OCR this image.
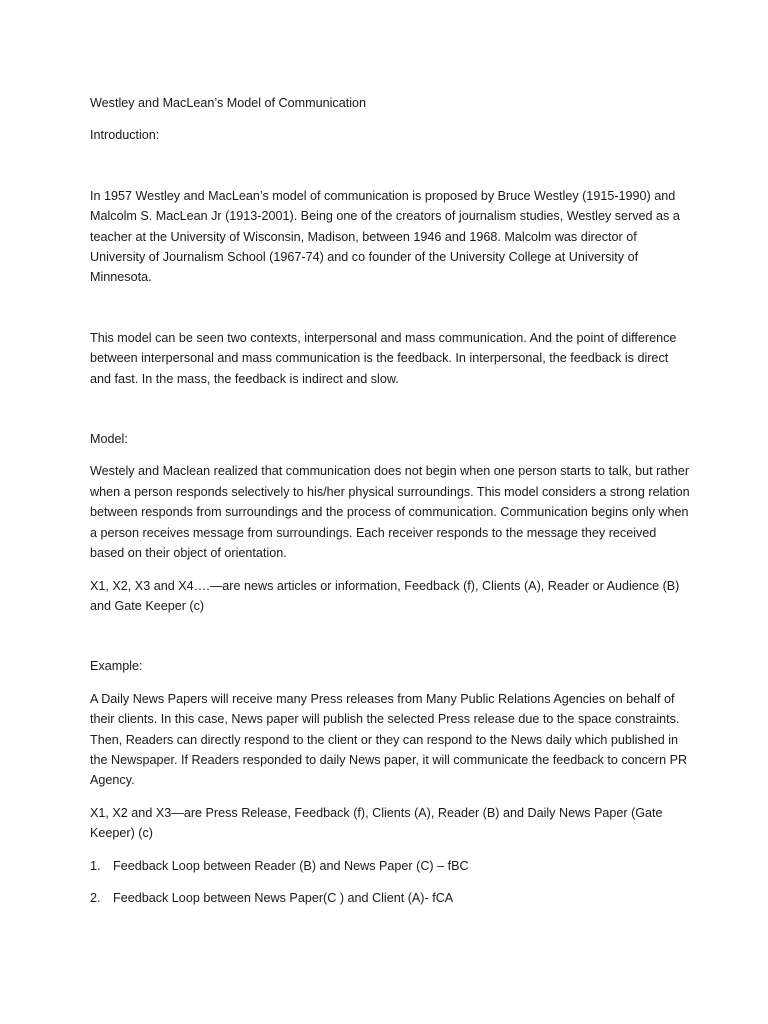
Westley and MacLean’s Model of Communication

Introduction:

In 1957 Westley and MacLean’s model of communication is proposed by Bruce Westley (1915-1990) and Malcolm S. MacLean Jr (1913-2001). Being one of the creators of journalism studies, Westley served as a teacher at the University of Wisconsin, Madison, between 1946 and 1968. Malcolm was director of University of Journalism School (1967-74) and co founder of the University College at University of Minnesota.

This model can be seen two contexts, interpersonal and mass communication. And the point of difference between interpersonal and mass communication is the feedback. In interpersonal, the feedback is direct and fast. In the mass, the feedback is indirect and slow.

Model:

Westely and Maclean realized that communication does not begin when one person starts to talk, but rather when a person responds selectively to his/her physical surroundings. This model considers a strong relation between responds from surroundings and the process of communication. Communication begins only when a person receives message from surroundings. Each receiver responds to the message they received based on their object of orientation.

X1, X2, X3 and X4….—are news articles or information, Feedback (f), Clients (A), Reader or Audience (B) and Gate Keeper (c)

Example:

A Daily News Papers will receive many Press releases from Many Public Relations Agencies on behalf of their clients. In this case, News paper will publish the selected Press release due to the space constraints. Then, Readers can directly respond to the client or they can respond to the News daily which published in the Newspaper. If Readers responded to daily News paper, it will communicate the feedback to concern PR Agency.

X1, X2 and X3—are Press Release, Feedback (f), Clients (A), Reader (B) and Daily News Paper (Gate Keeper) (c)

1. Feedback Loop between Reader (B) and News Paper (C) – fBC
2. Feedback Loop between News Paper(C ) and Client (A)- fCA
